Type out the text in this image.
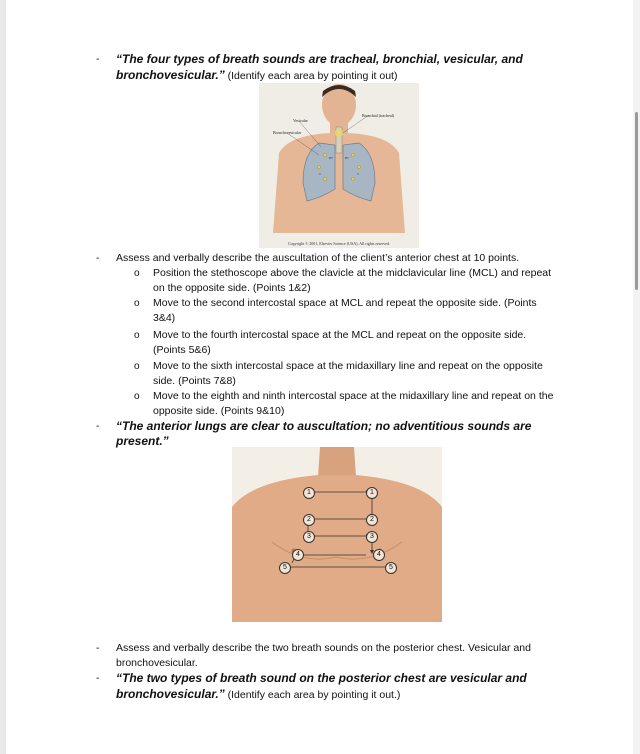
- “The four types of breath sounds are tracheal, bronchial, vesicular, and bronchovesicular.” (Identify each area by pointing it out)
BV	BV
V	V
Bronchial (tracheal)
Vesicular
Bronchovesicular
Copyright © 2001, Elsevier Science (USA). All rights reserved.
- Assess and verbally describe the auscultation of the client’s anterior chest at 10 points.
o Position the stethoscope above the clavicle at the midclavicular line (MCL) and repeat on the opposite side. (Points 1&2)
o Move to the second intercostal space at MCL and repeat the opposite side. (Points 3&4)
o Move to the fourth intercostal space at the MCL and repeat on the opposite side. (Points 5&6)
o Move to the sixth intercostal space at the midaxillary line and repeat on the opposite side. (Points 7&8)
o Move to the eighth and ninth intercostal space at the midaxillary line and repeat on the opposite side. (Points 9&10)
- “The anterior lungs are clear to auscultation; no adventitious sounds are present.”
1	1
2	2
3	3
4	4
5	5
- Assess and verbally describe the two breath sounds on the posterior chest. Vesicular and bronchovesicular.
- “The two types of breath sound on the posterior chest are vesicular and bronchovesicular.” (Identify each area by pointing it out.)
